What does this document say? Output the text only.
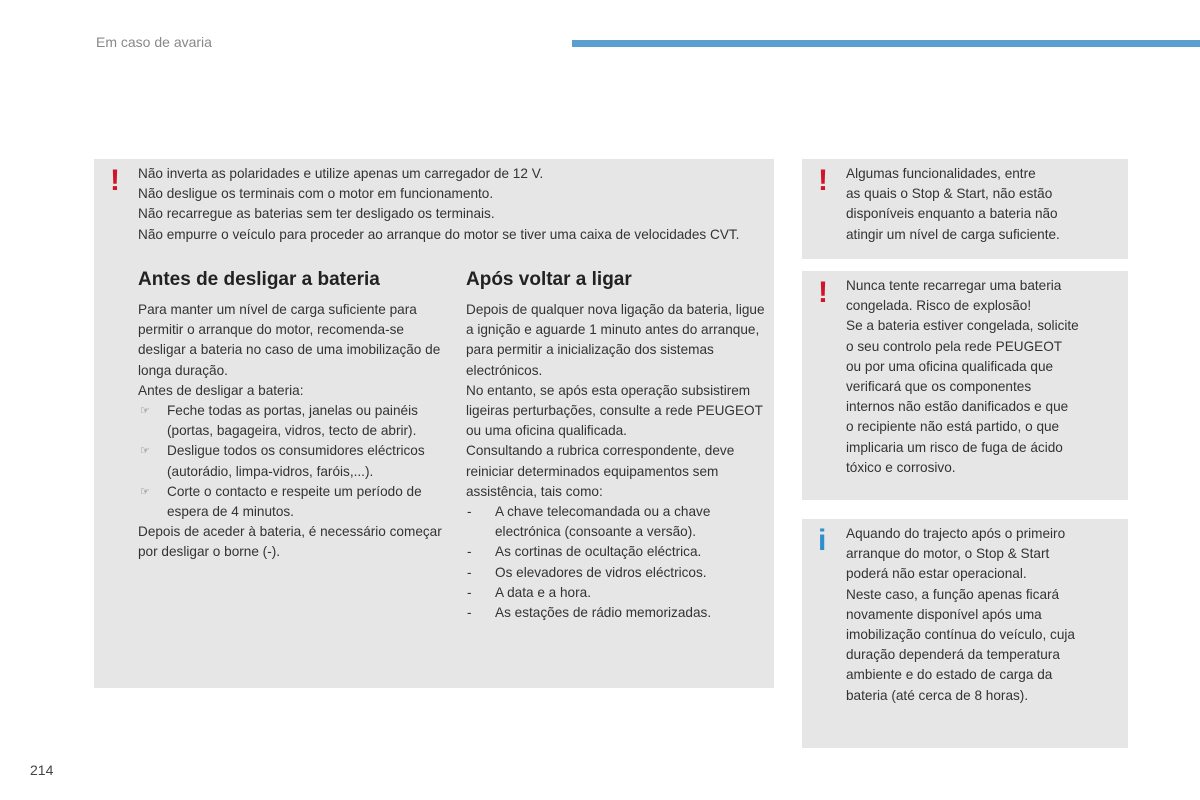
Em caso de avaria
! Não inverta as polaridades e utilize apenas um carregador de 12 V.
Não desligue os terminais com o motor em funcionamento.
Não recarregue as baterias sem ter desligado os terminais.
Não empurre o veículo para proceder ao arranque do motor se tiver uma caixa de velocidades CVT.
Antes de desligar a bateria

Para manter um nível de carga suficiente para permitir o arranque do motor, recomenda-se desligar a bateria no caso de uma imobilização de longa duração.

Antes de desligar a bateria:

☞ Feche todas as portas, janelas ou painéis (portas, bagageira, vidros, tecto de abrir).
☞ Desligue todos os consumidores eléctricos (autorádio, limpa-vidros, faróis,...).
☞ Corte o contacto e respeite um período de espera de 4 minutos.

Depois de aceder à bateria, é necessário começar por desligar o borne (-).

Após voltar a ligar

Depois de qualquer nova ligação da bateria, ligue a ignição e aguarde 1 minuto antes do arranque, para permitir a inicialização dos sistemas electrónicos.

No entanto, se após esta operação subsistirem ligeiras perturbações, consulte a rede PEUGEOT ou uma oficina qualificada.

Consultando a rubrica correspondente, deve reiniciar determinados equipamentos sem assistência, tais como:

- A chave telecomandada ou a chave electrónica (consoante a versão).
- As cortinas de ocultação eléctrica.
- Os elevadores de vidros eléctricos.
- A data e a hora.
- As estações de rádio memorizadas.
! Algumas funcionalidades, entre
as quais o Stop & Start, não estão
disponíveis enquanto a bateria não
atingir um nível de carga suficiente.
! Nunca tente recarregar uma bateria
congelada. Risco de explosão!
Se a bateria estiver congelada, solicite
o seu controlo pela rede PEUGEOT
ou por uma oficina qualificada que
verificará que os componentes
internos não estão danificados e que
o recipiente não está partido, o que
implicaria um risco de fuga de ácido
tóxico e corrosivo.
i Aquando do trajecto após o primeiro
arranque do motor, o Stop & Start
poderá não estar operacional.
Neste caso, a função apenas ficará
novamente disponível após uma
imobilização contínua do veículo, cuja
duração dependerá da temperatura
ambiente e do estado de carga da
bateria (até cerca de 8 horas).
214
